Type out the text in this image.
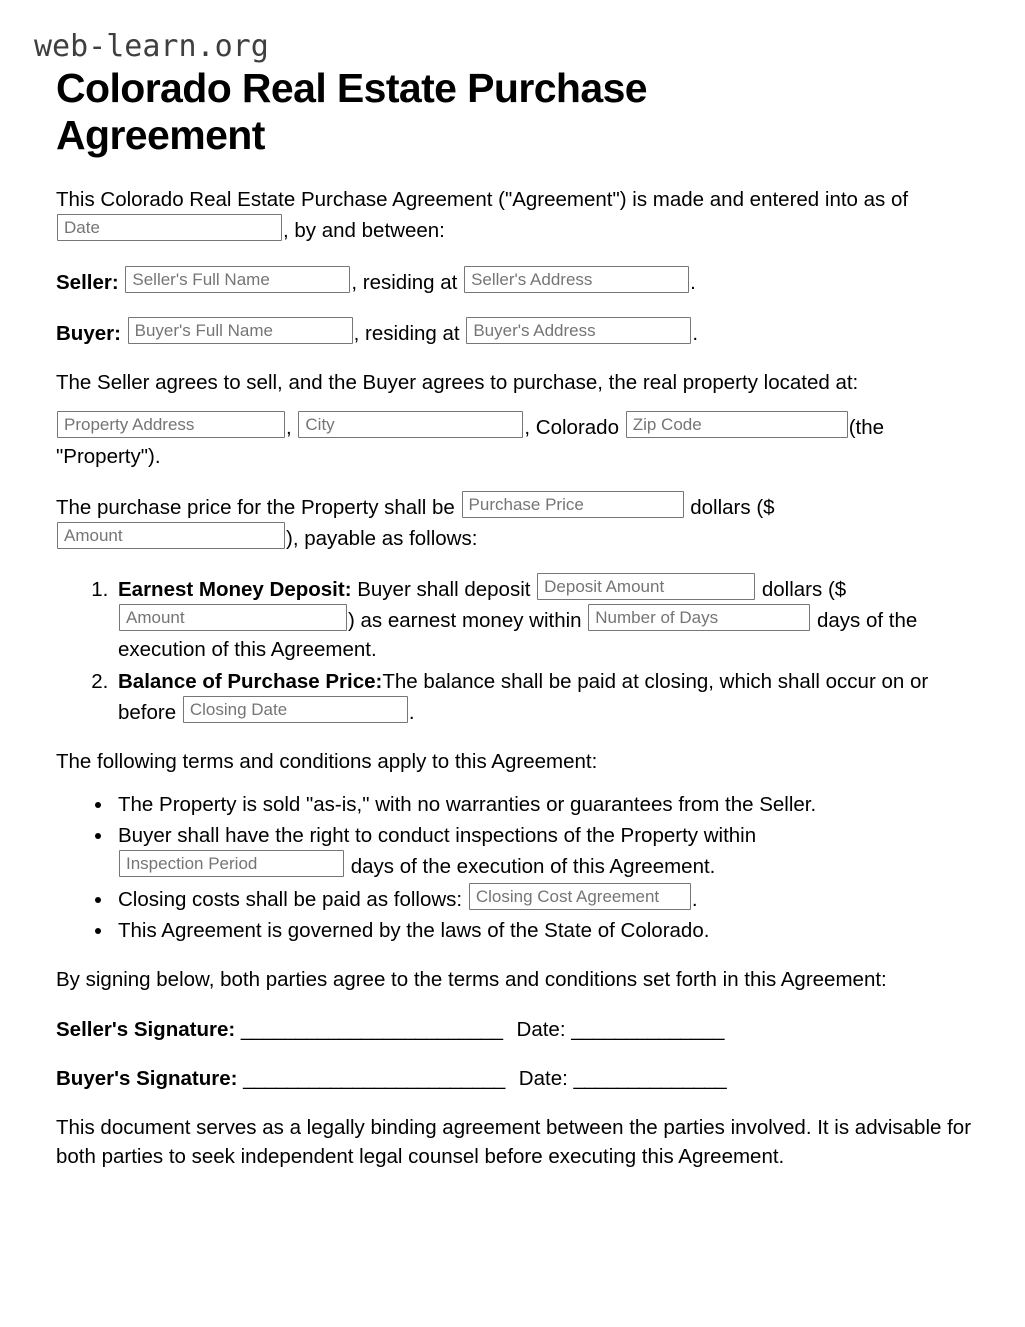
web-learn.org
Colorado Real Estate Purchase Agreement

This Colorado Real Estate Purchase Agreement ("Agreement") is made and entered into as of Date	, by and between:

Seller: Seller's Full Name	, residing at Seller's Address	.

Buyer: Buyer's Full Name	, residing at Buyer's Address	.

The Seller agrees to sell, and the Buyer agrees to purchase, the real property located at:

Property Address	, City	, Colorado Zip Code	(the "Property").

The purchase price for the Property shall be Purchase Price	dollars ($ Amount	), payable as follows:

1. Earnest Money Deposit: Buyer shall deposit Deposit Amount	dollars ($ Amount	) as earnest money within Number of Days	days of the execution of this Agreement.
2. Balance of Purchase Price:The balance shall be paid at closing, which shall occur on or before Closing Date	.

The following terms and conditions apply to this Agreement:

• The Property is sold "as-is," with no warranties or guarantees from the Seller.
• Buyer shall have the right to conduct inspections of the Property within Inspection Period	days of the execution of this Agreement.
• Closing costs shall be paid as follows: Closing Cost Agreement .
• This Agreement is governed by the laws of the State of Colorado.

By signing below, both parties agree to the terms and conditions set forth in this Agreement:

Seller's Signature: ________________________ Date: ______________

Buyer's Signature: ________________________ Date: ______________

This document serves as a legally binding agreement between the parties involved. It is advisable for both parties to seek independent legal counsel before executing this Agreement.
